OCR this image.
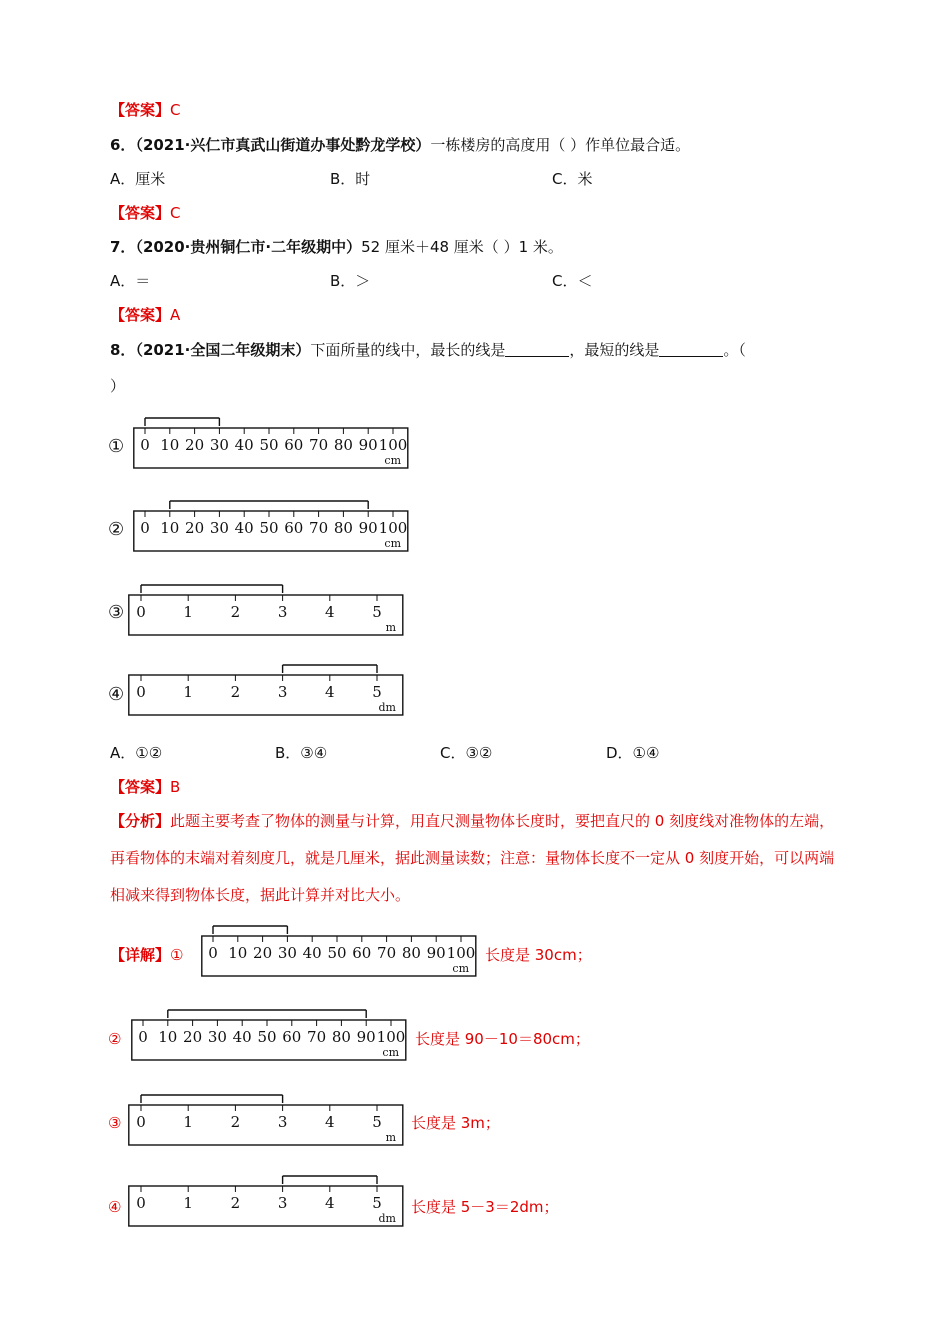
【答案】C
6．（2021·兴仁市真武山街道办事处黔龙学校）一栋楼房的高度用（ ）作单位最合适。
A．厘米	B．时	C．米
【答案】C
7．（2020·贵州铜仁市·二年级期中）52 厘米＋48 厘米（ ）1 米。
A．＝	B．＞	C．＜
【答案】A
8．（2021·全国二年级期末）下面所量的线中，最长的线是	，最短的线是	。（
）
① 0 10 20 30 40 50 60 70 80 90 100
cm
② 0 10 20 30 40 50 60 70 80 90 100
cm
③ 0	1	2	3	4	5
m
④ 0	1	2	3	4	5
dm
A．①②	B．③④	C．③②	D．①④
【答案】B
【分析】此题主要考查了物体的测量与计算，用直尺测量物体长度时，要把直尺的 0 刻度线对准物体的左端，再看物体的末端对着刻度几，就是几厘米，据此测量读数；注意：量物体长度不一定从 0 刻度开始，可以两端相减来得到物体长度，据此计算并对比大小。
【详解】① 0 10 20 30 40 50 60 70 80 90 100
cm
长度是 30cm；
② 0 10 20 30 40 50 60 70 80 90 100
cm
长度是 90－10＝80cm；
③ 0	1	2	3	4	5
m
长度是 3m；
④ 0	1	2	3	4	5
dm
长度是 5－3＝2dm；
